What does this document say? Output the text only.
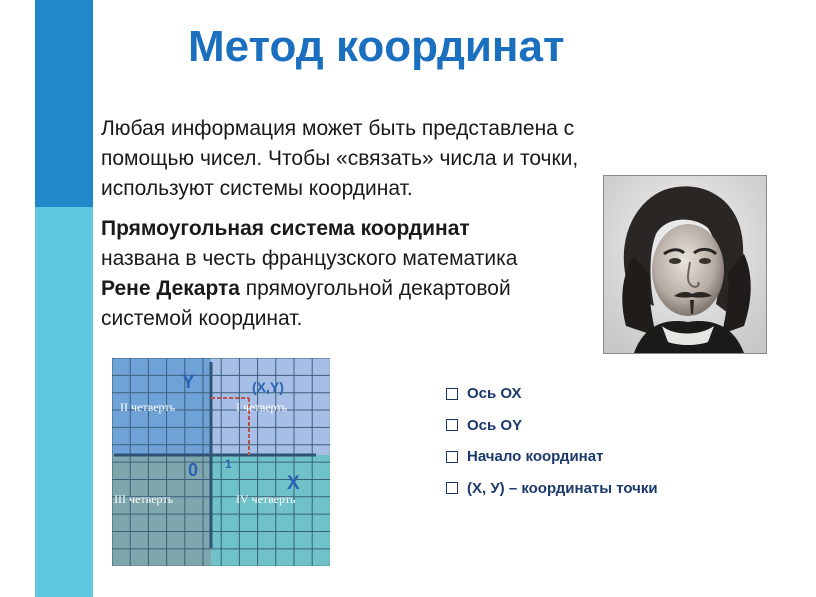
Метод координат

Любая информация может быть представлена с
помощью чисел. Чтобы «связать» числа и точки,
используют системы координат.

Прямоугольная система координат
названа в честь французского математика
Рене Декарта прямоугольной декартовой
системой координат.

Y
X
0 1
(X,Y)
II четверть	I четверть
III четверть	IV четверть
Ось ОХ
Ось ОY
Начало координат
(Х, У) – координаты точки
